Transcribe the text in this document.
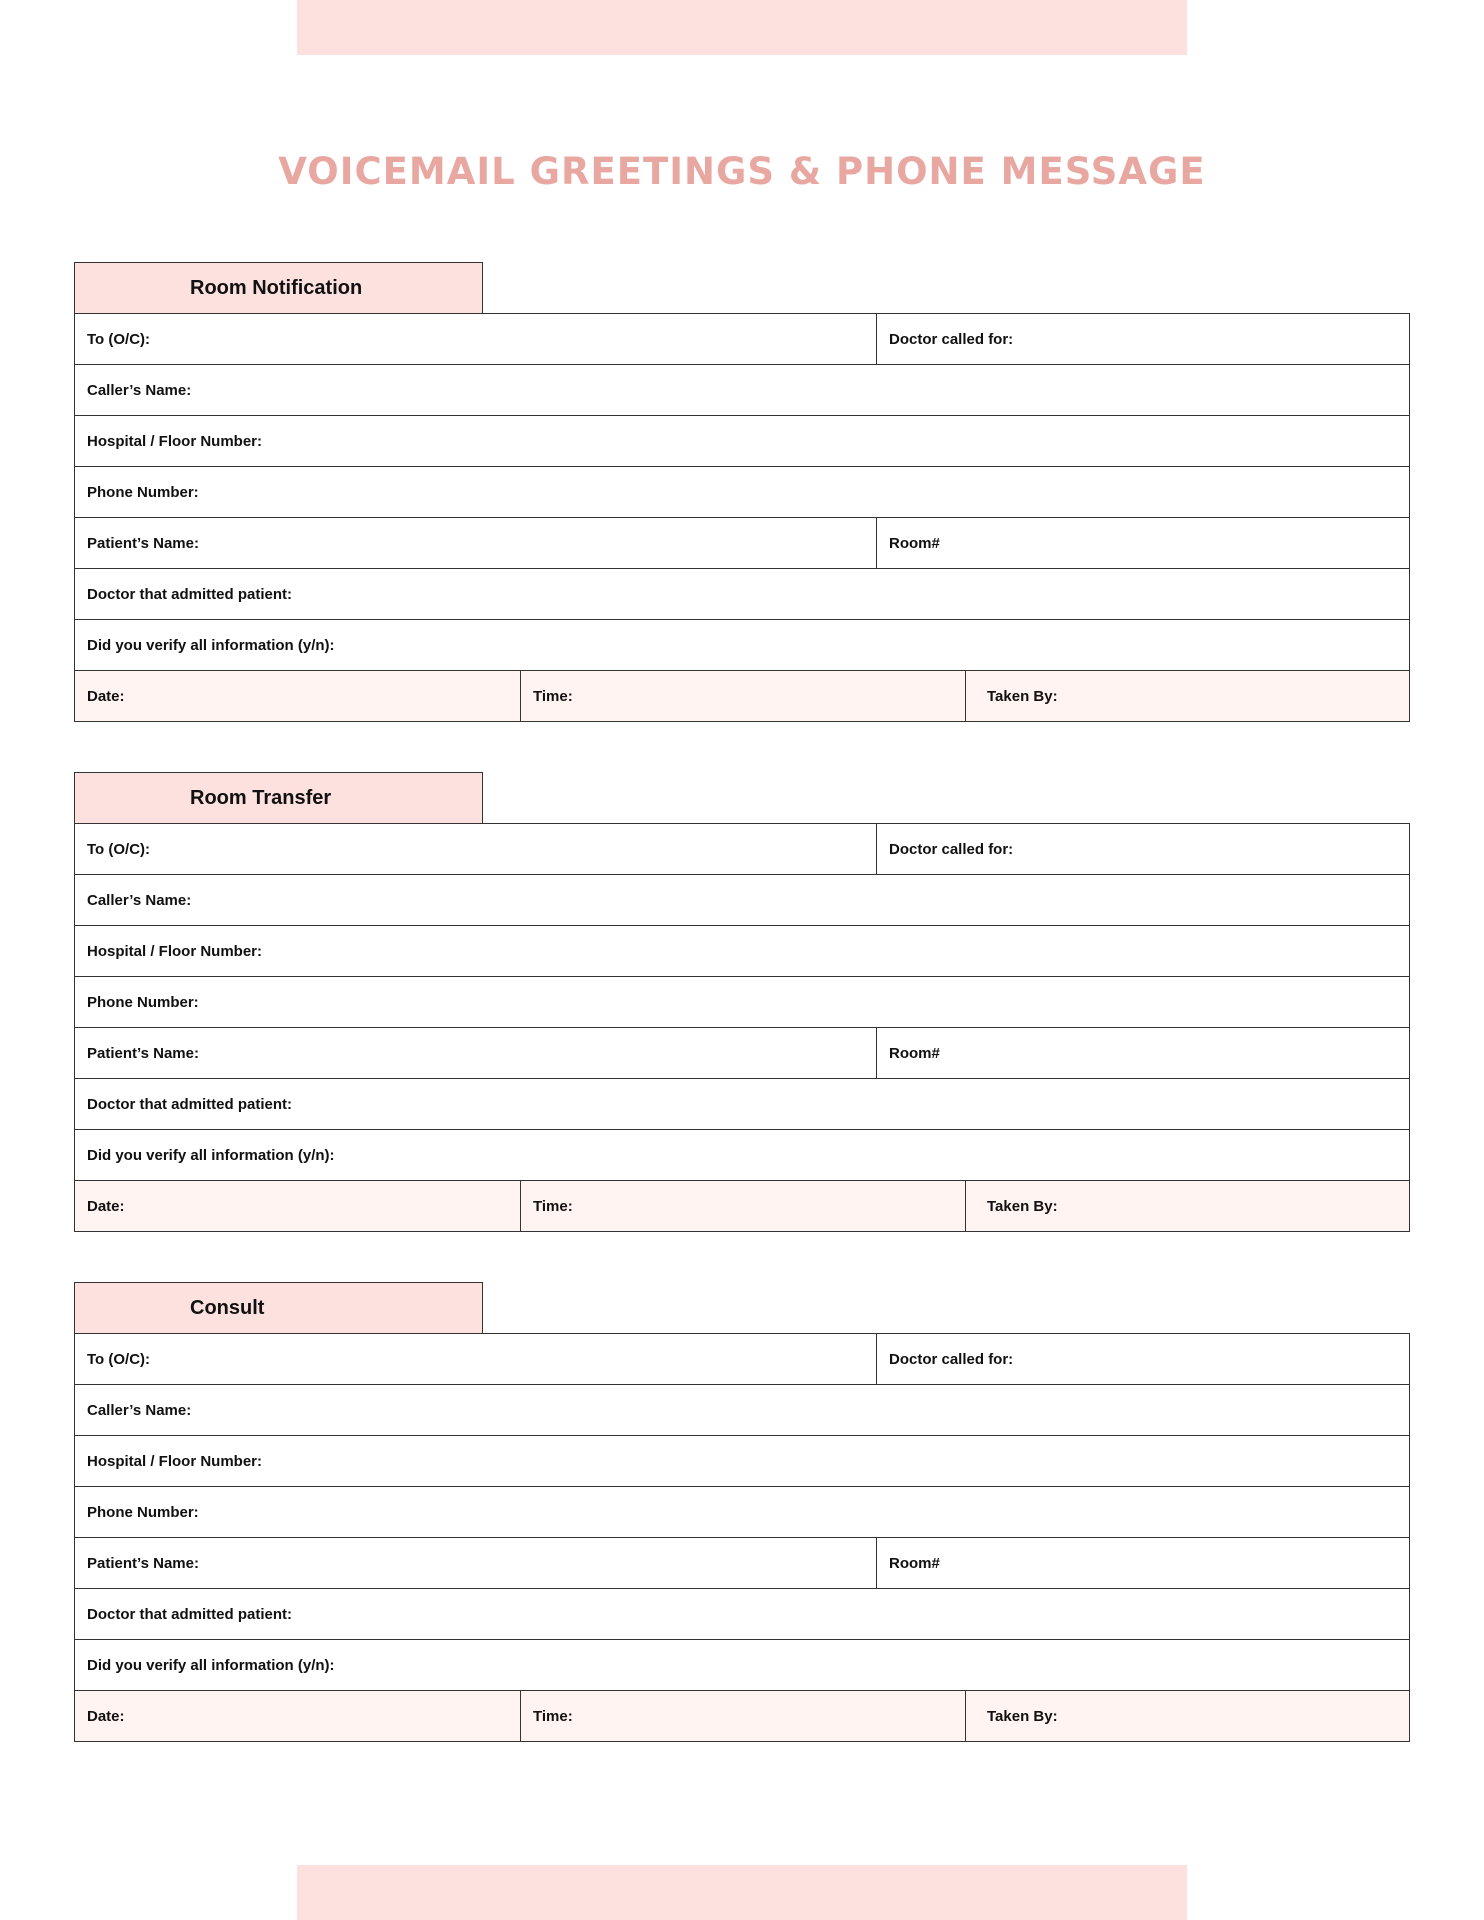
VOICEMAIL GREETINGS & PHONE MESSAGE
Room Notification
To (O/C):	Doctor called for:
Caller’s Name:
Hospital / Floor Number:
Phone Number:
Patient’s Name:	Room#
Doctor that admitted patient:
Did you verify all information (y/n):
Date:	Time:	Taken By:
Room Transfer
To (O/C):	Doctor called for:
Caller’s Name:
Hospital / Floor Number:
Phone Number:
Patient’s Name:	Room#
Doctor that admitted patient:
Did you verify all information (y/n):
Date:	Time:	Taken By:
Consult
To (O/C):	Doctor called for:
Caller’s Name:
Hospital / Floor Number:
Phone Number:
Patient’s Name:	Room#
Doctor that admitted patient:
Did you verify all information (y/n):
Date:	Time:	Taken By:
